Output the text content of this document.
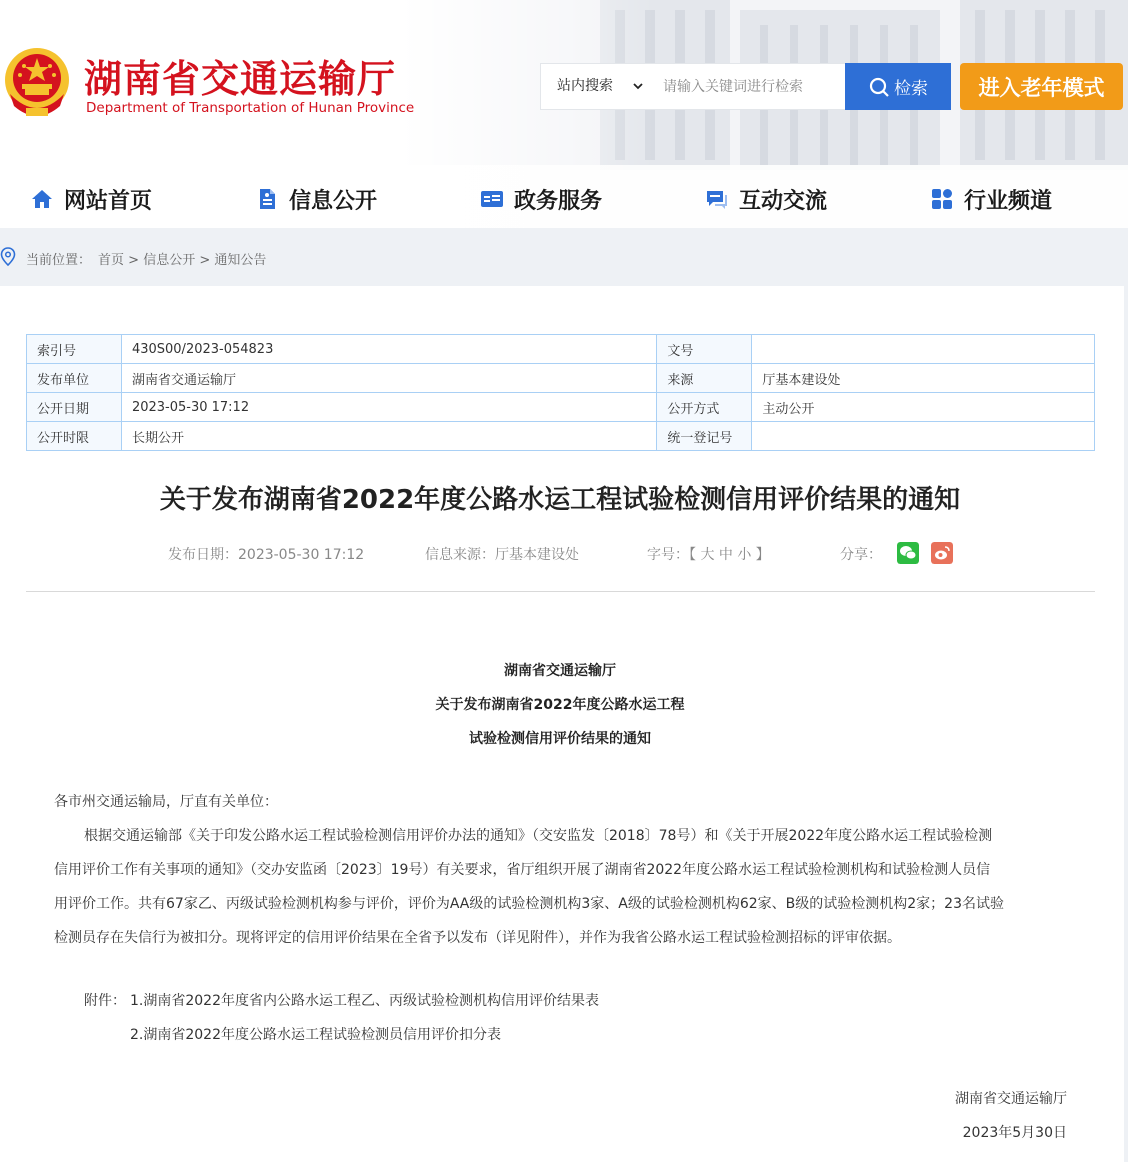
湖南省交通运输厅
Department of Transportation of Hunan Province
站内搜索
请输入关键词进行检索	检索	进入老年模式
网站首页	信息公开	政务服务	互动交流	行业频道
当前位置： 首页 > 信息公开 > 通知公告
索引号	430S00/2023-054823	文号	
发布单位	湖南省交通运输厅	来源	厅基本建设处
公开日期	2023-05-30 17:12	公开方式	主动公开
公开时限	长期公开	统一登记号	
关于发布湖南省2022年度公路水运工程试验检测信用评价结果的通知
发布日期：2023-05-30 17:12	信息来源：厅基本建设处	字号：【 大 中 小 】	分享：
湖南省交通运输厅
关于发布湖南省2022年度公路水运工程
试验检测信用评价结果的通知
各市州交通运输局，厅直有关单位：
根据交通运输部《关于印发公路水运工程试验检测信用评价办法的通知》（交安监发〔2018〕78号）和《关于开展2022年度公路水运工程试验检测
信用评价工作有关事项的通知》（交办安监函〔2023〕19号）有关要求，省厅组织开展了湖南省2022年度公路水运工程试验检测机构和试验检测人员信
用评价工作。共有67家乙、丙级试验检测机构参与评价，评价为AA级的试验检测机构3家、A级的试验检测机构62家、B级的试验检测机构2家；23名试验
检测员存在失信行为被扣分。现将评定的信用评价结果在全省予以发布（详见附件），并作为我省公路水运工程试验检测招标的评审依据。
附件： 1.湖南省2022年度省内公路水运工程乙、丙级试验检测机构信用评价结果表
2.湖南省2022年度公路水运工程试验检测员信用评价扣分表
湖南省交通运输厅
2023年5月30日
